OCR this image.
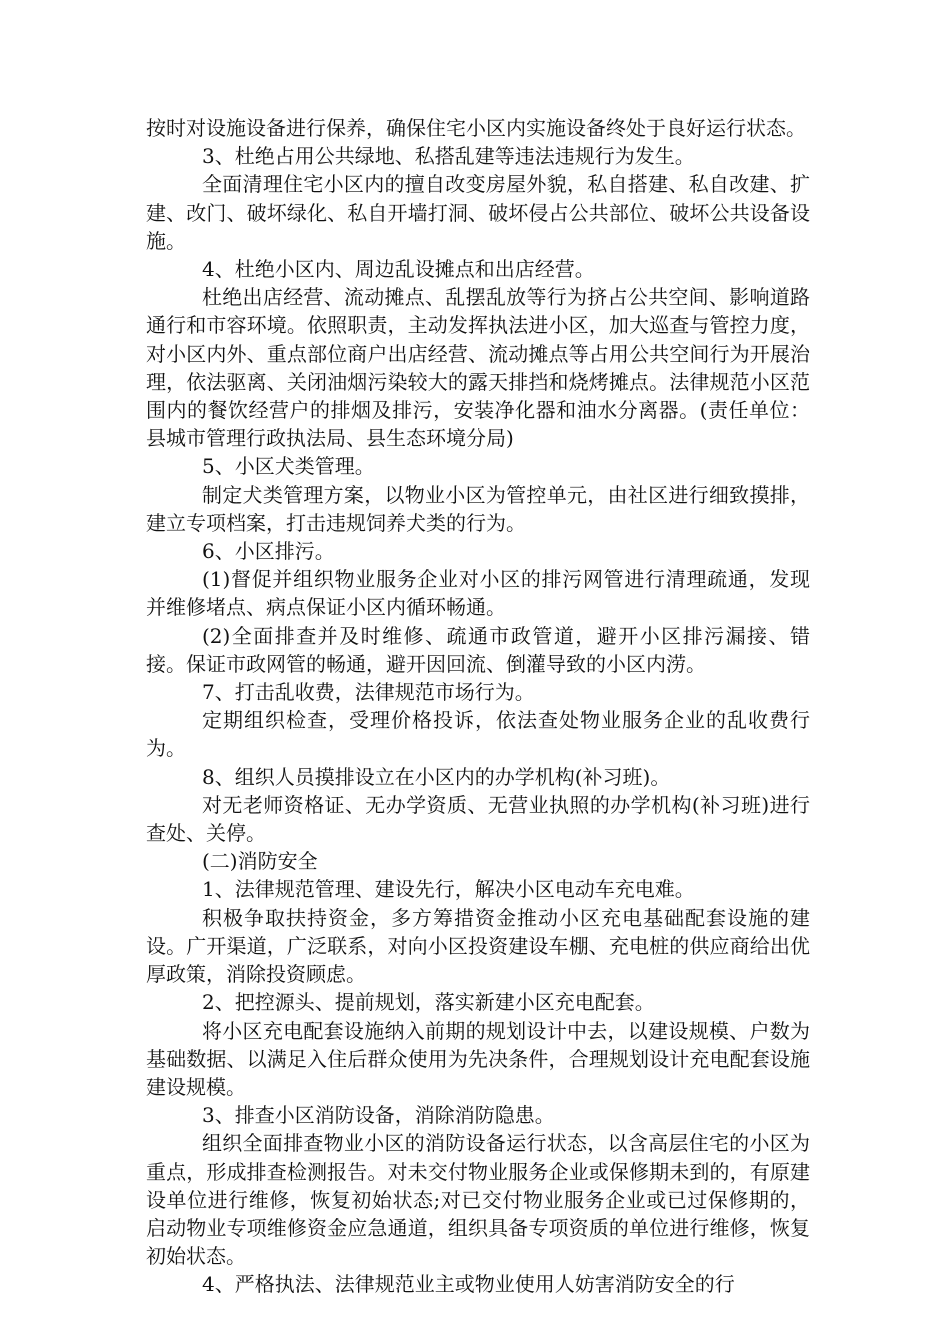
按时对设施设备进行保养，确保住宅小区内实施设备终处于良好运行状态。

3、杜绝占用公共绿地、私搭乱建等违法违规行为发生。

全面清理住宅小区内的擅自改变房屋外貌，私自搭建、私自改建、扩建、改门、破坏绿化、私自开墙打洞、破坏侵占公共部位、破坏公共设备设施。

4、杜绝小区内、周边乱设摊点和出店经营。

杜绝出店经营、流动摊点、乱摆乱放等行为挤占公共空间、影响道路通行和市容环境。依照职责，主动发挥执法进小区，加大巡查与管控力度，对小区内外、重点部位商户出店经营、流动摊点等占用公共空间行为开展治理，依法驱离、关闭油烟污染较大的露天排挡和烧烤摊点。法律规范小区范围内的餐饮经营户的排烟及排污，安装净化器和油水分离器。(责任单位：县城市管理行政执法局、县生态环境分局)

5、小区犬类管理。

制定犬类管理方案，以物业小区为管控单元，由社区进行细致摸排，建立专项档案，打击违规饲养犬类的行为。

6、小区排污。

(1)督促并组织物业服务企业对小区的排污网管进行清理疏通，发现并维修堵点、病点保证小区内循环畅通。

(2)全面排查并及时维修、疏通市政管道，避开小区排污漏接、错接。保证市政网管的畅通，避开因回流、倒灌导致的小区内涝。

7、打击乱收费，法律规范市场行为。

定期组织检查，受理价格投诉，依法查处物业服务企业的乱收费行为。

8、组织人员摸排设立在小区内的办学机构(补习班)。

对无老师资格证、无办学资质、无营业执照的办学机构(补习班)进行查处、关停。

(二)消防安全

1、法律规范管理、建设先行，解决小区电动车充电难。

积极争取扶持资金，多方筹措资金推动小区充电基础配套设施的建设。广开渠道，广泛联系，对向小区投资建设车棚、充电桩的供应商给出优厚政策，消除投资顾虑。

2、把控源头、提前规划，落实新建小区充电配套。

将小区充电配套设施纳入前期的规划设计中去，以建设规模、户数为基础数据、以满足入住后群众使用为先决条件，合理规划设计充电配套设施建设规模。

3、排查小区消防设备，消除消防隐患。

组织全面排查物业小区的消防设备运行状态，以含高层住宅的小区为重点，形成排查检测报告。对未交付物业服务企业或保修期未到的，有原建设单位进行维修，恢复初始状态;对已交付物业服务企业或已过保修期的，启动物业专项维修资金应急通道，组织具备专项资质的单位进行维修，恢复初始状态。

4、严格执法、法律规范业主或物业使用人妨害消防安全的行
